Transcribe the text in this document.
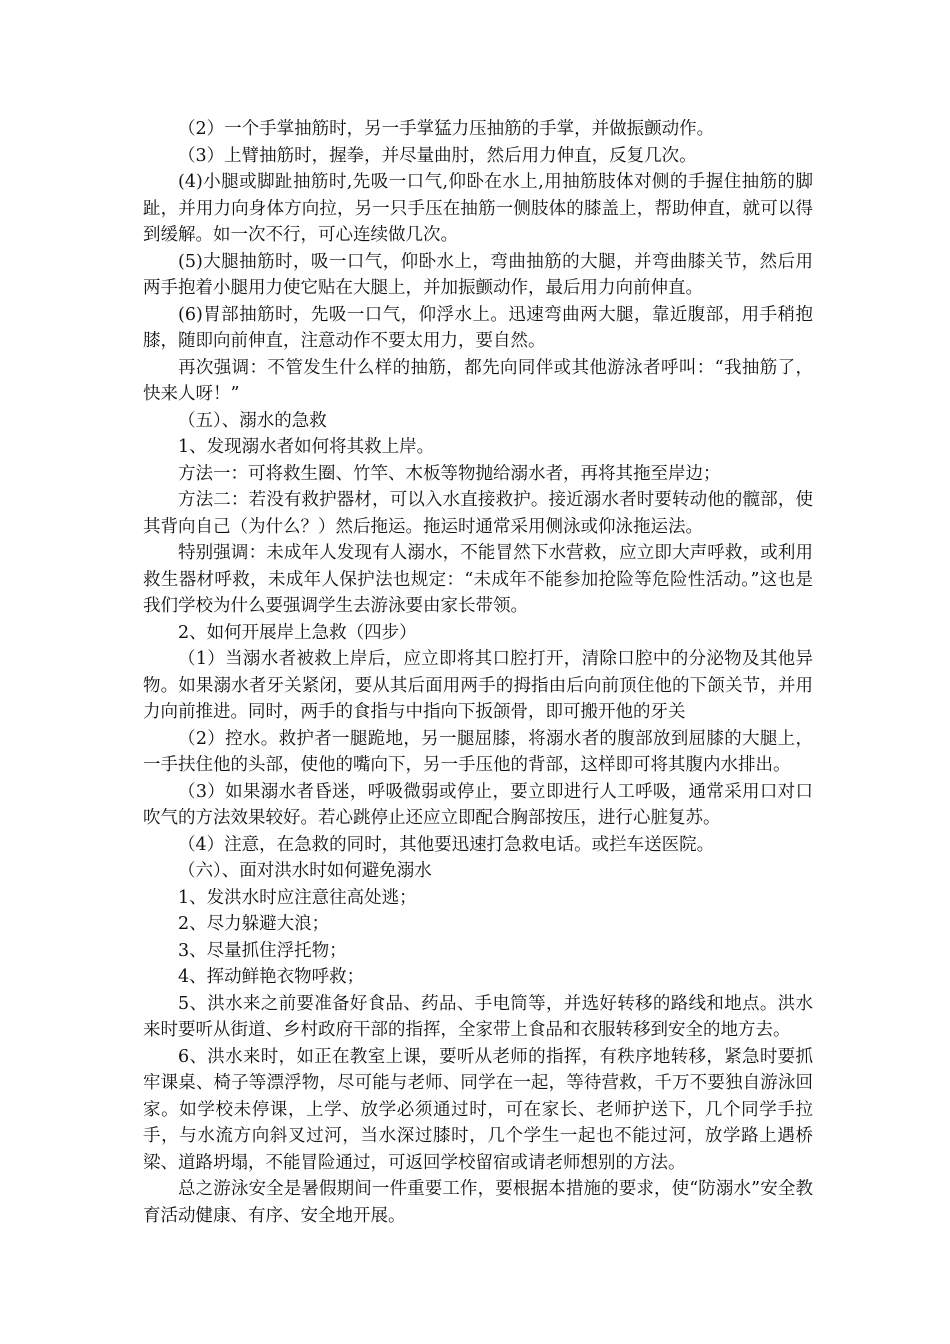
（2）一个手掌抽筋时，另一手掌猛力压抽筋的手掌，并做振颤动作。

（3）上臂抽筋时，握拳，并尽量曲肘，然后用力伸直，反复几次。

(4)小腿或脚趾抽筋时,先吸一口气,仰卧在水上,用抽筋肢体对侧的手握住抽筋的脚趾，并用力向身体方向拉，另一只手压在抽筋一侧肢体的膝盖上，帮助伸直，就可以得到缓解。如一次不行，可心连续做几次。

(5)大腿抽筋时，吸一口气，仰卧水上，弯曲抽筋的大腿，并弯曲膝关节，然后用两手抱着小腿用力使它贴在大腿上，并加振颤动作，最后用力向前伸直。

(6)胃部抽筋时，先吸一口气，仰浮水上。迅速弯曲两大腿，靠近腹部，用手稍抱膝，随即向前伸直，注意动作不要太用力，要自然。

再次强调：不管发生什么样的抽筋，都先向同伴或其他游泳者呼叫：“我抽筋了，快来人呀！”

（五）、溺水的急救

1、发现溺水者如何将其救上岸。

方法一：可将救生圈、竹竿、木板等物抛给溺水者，再将其拖至岸边；

方法二：若没有救护器材，可以入水直接救护。接近溺水者时要转动他的髋部，使其背向自己（为什么？）然后拖运。拖运时通常采用侧泳或仰泳拖运法。

特别强调：未成年人发现有人溺水，不能冒然下水营救，应立即大声呼救，或利用救生器材呼救，未成年人保护法也规定：“未成年不能参加抢险等危险性活动。”这也是我们学校为什么要强调学生去游泳要由家长带领。

2、如何开展岸上急救（四步）

（1）当溺水者被救上岸后，应立即将其口腔打开，清除口腔中的分泌物及其他异物。如果溺水者牙关紧闭，要从其后面用两手的拇指由后向前顶住他的下颌关节，并用力向前推进。同时，两手的食指与中指向下扳颌骨，即可搬开他的牙关

（2）控水。救护者一腿跪地，另一腿屈膝，将溺水者的腹部放到屈膝的大腿上，一手扶住他的头部，使他的嘴向下，另一手压他的背部，这样即可将其腹内水排出。

（3）如果溺水者昏迷，呼吸微弱或停止，要立即进行人工呼吸，通常采用口对口吹气的方法效果较好。若心跳停止还应立即配合胸部按压，进行心脏复苏。

（4）注意，在急救的同时，其他要迅速打急救电话。或拦车送医院。

（六）、面对洪水时如何避免溺水

1、发洪水时应注意往高处逃；

2、尽力躲避大浪；

3、尽量抓住浮托物；

4、挥动鲜艳衣物呼救；

5、洪水来之前要准备好食品、药品、手电筒等，并选好转移的路线和地点。洪水来时要听从街道、乡村政府干部的指挥，全家带上食品和衣服转移到安全的地方去。

6、洪水来时，如正在教室上课，要听从老师的指挥，有秩序地转移，紧急时要抓牢课桌、椅子等漂浮物，尽可能与老师、同学在一起，等待营救，千万不要独自游泳回家。如学校未停课，上学、放学必须通过时，可在家长、老师护送下，几个同学手拉手，与水流方向斜叉过河，当水深过膝时，几个学生一起也不能过河，放学路上遇桥梁、道路坍塌，不能冒险通过，可返回学校留宿或请老师想别的方法。

总之游泳安全是暑假期间一件重要工作，要根据本措施的要求，使“防溺水”安全教育活动健康、有序、安全地开展。
